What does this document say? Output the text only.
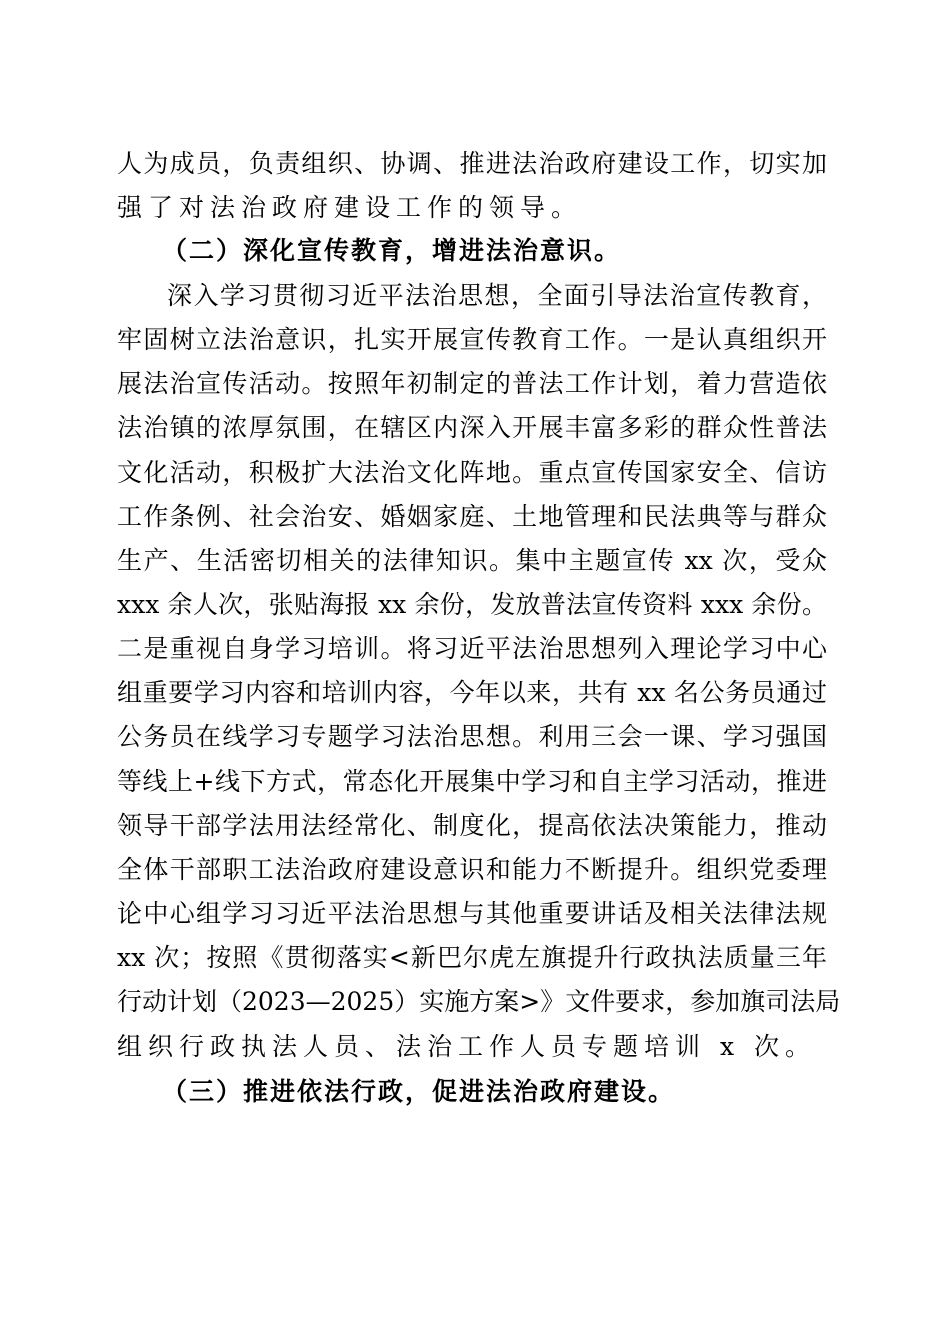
人为成员，负责组织、协调、推进法治政府建设工作，切实加
强了对法治政府建设工作的领导。
（二）深化宣传教育，增进法治意识。
深入学习贯彻习近平法治思想，全面引导法治宣传教育，
牢固树立法治意识，扎实开展宣传教育工作。一是认真组织开
展法治宣传活动。按照年初制定的普法工作计划，着力营造依
法治镇的浓厚氛围，在辖区内深入开展丰富多彩的群众性普法
文化活动，积极扩大法治文化阵地。重点宣传国家安全、信访
工作条例、社会治安、婚姻家庭、土地管理和民法典等与群众
生产、生活密切相关的法律知识。集中主题宣传 xx 次，受众
xxx 余人次，张贴海报 xx 余份，发放普法宣传资料 xxx 余份。
二是重视自身学习培训。将习近平法治思想列入理论学习中心
组重要学习内容和培训内容，今年以来，共有 xx 名公务员通过
公务员在线学习专题学习法治思想。利用三会一课、学习强国
等线上+线下方式，常态化开展集中学习和自主学习活动，推进
领导干部学法用法经常化、制度化，提高依法决策能力，推动
全体干部职工法治政府建设意识和能力不断提升。组织党委理
论中心组学习习近平法治思想与其他重要讲话及相关法律法规
xx 次；按照《贯彻落实<新巴尔虎左旗提升行政执法质量三年
行动计划（2023—2025）实施方案>》文件要求，参加旗司法局
组织行政执法人员、法治工作人员专题培训 x 次。
（三）推进依法行政，促进法治政府建设。
